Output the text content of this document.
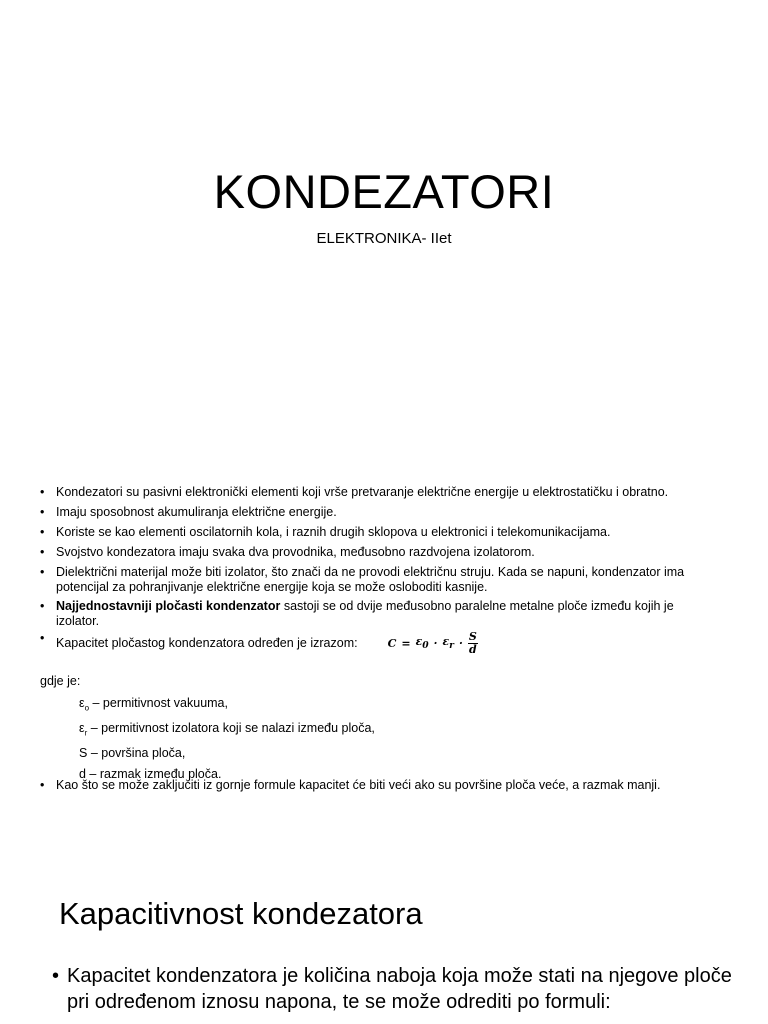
KONDEZATORI
ELEKTRONIKA- IIet
• Kondezatori su pasivni elektronički elementi koji vrše pretvaranje električne energije u elektrostatičku i obratno.
• Imaju sposobnost akumuliranja električne energije.
• Koriste se kao elementi oscilatornih kola, i raznih drugih sklopova u elektronici i telekomunikacijama.
• Svojstvo kondezatora imaju svaka dva provodnika, međusobno razdvojena izolatorom.
• Dielektrični materijal može biti izolator, što znači da ne provodi električnu struju. Kada se napuni, kondenzator ima potencijal za pohranjivanje električne energije koja se može osloboditi kasnije.
• Najjednostavniji pločasti kondenzator sastoji se od dvije međusobno paralelne metalne ploče između kojih je izolator.
• Kapacitet pločastog kondenzatora određen je izrazom:	$C = \varepsilon_0 \cdot \varepsilon_r \cdot \frac{S}{d}$
gdje je:
$\varepsilon_o$ – permitivnost vakuuma,
$\varepsilon_r$ – permitivnost izolatora koji se nalazi između ploča,
S – površina ploča,
d – razmak između ploča.
• Kao što se može zaključiti iz gornje formule kapacitet će biti veći ako su površine ploča veće, a razmak manji.
Kapacitivnost kondezatora
• Kapacitet kondenzatora je količina naboja koja može stati na njegove ploče pri određenom iznosu napona, te se može odrediti po formuli:
